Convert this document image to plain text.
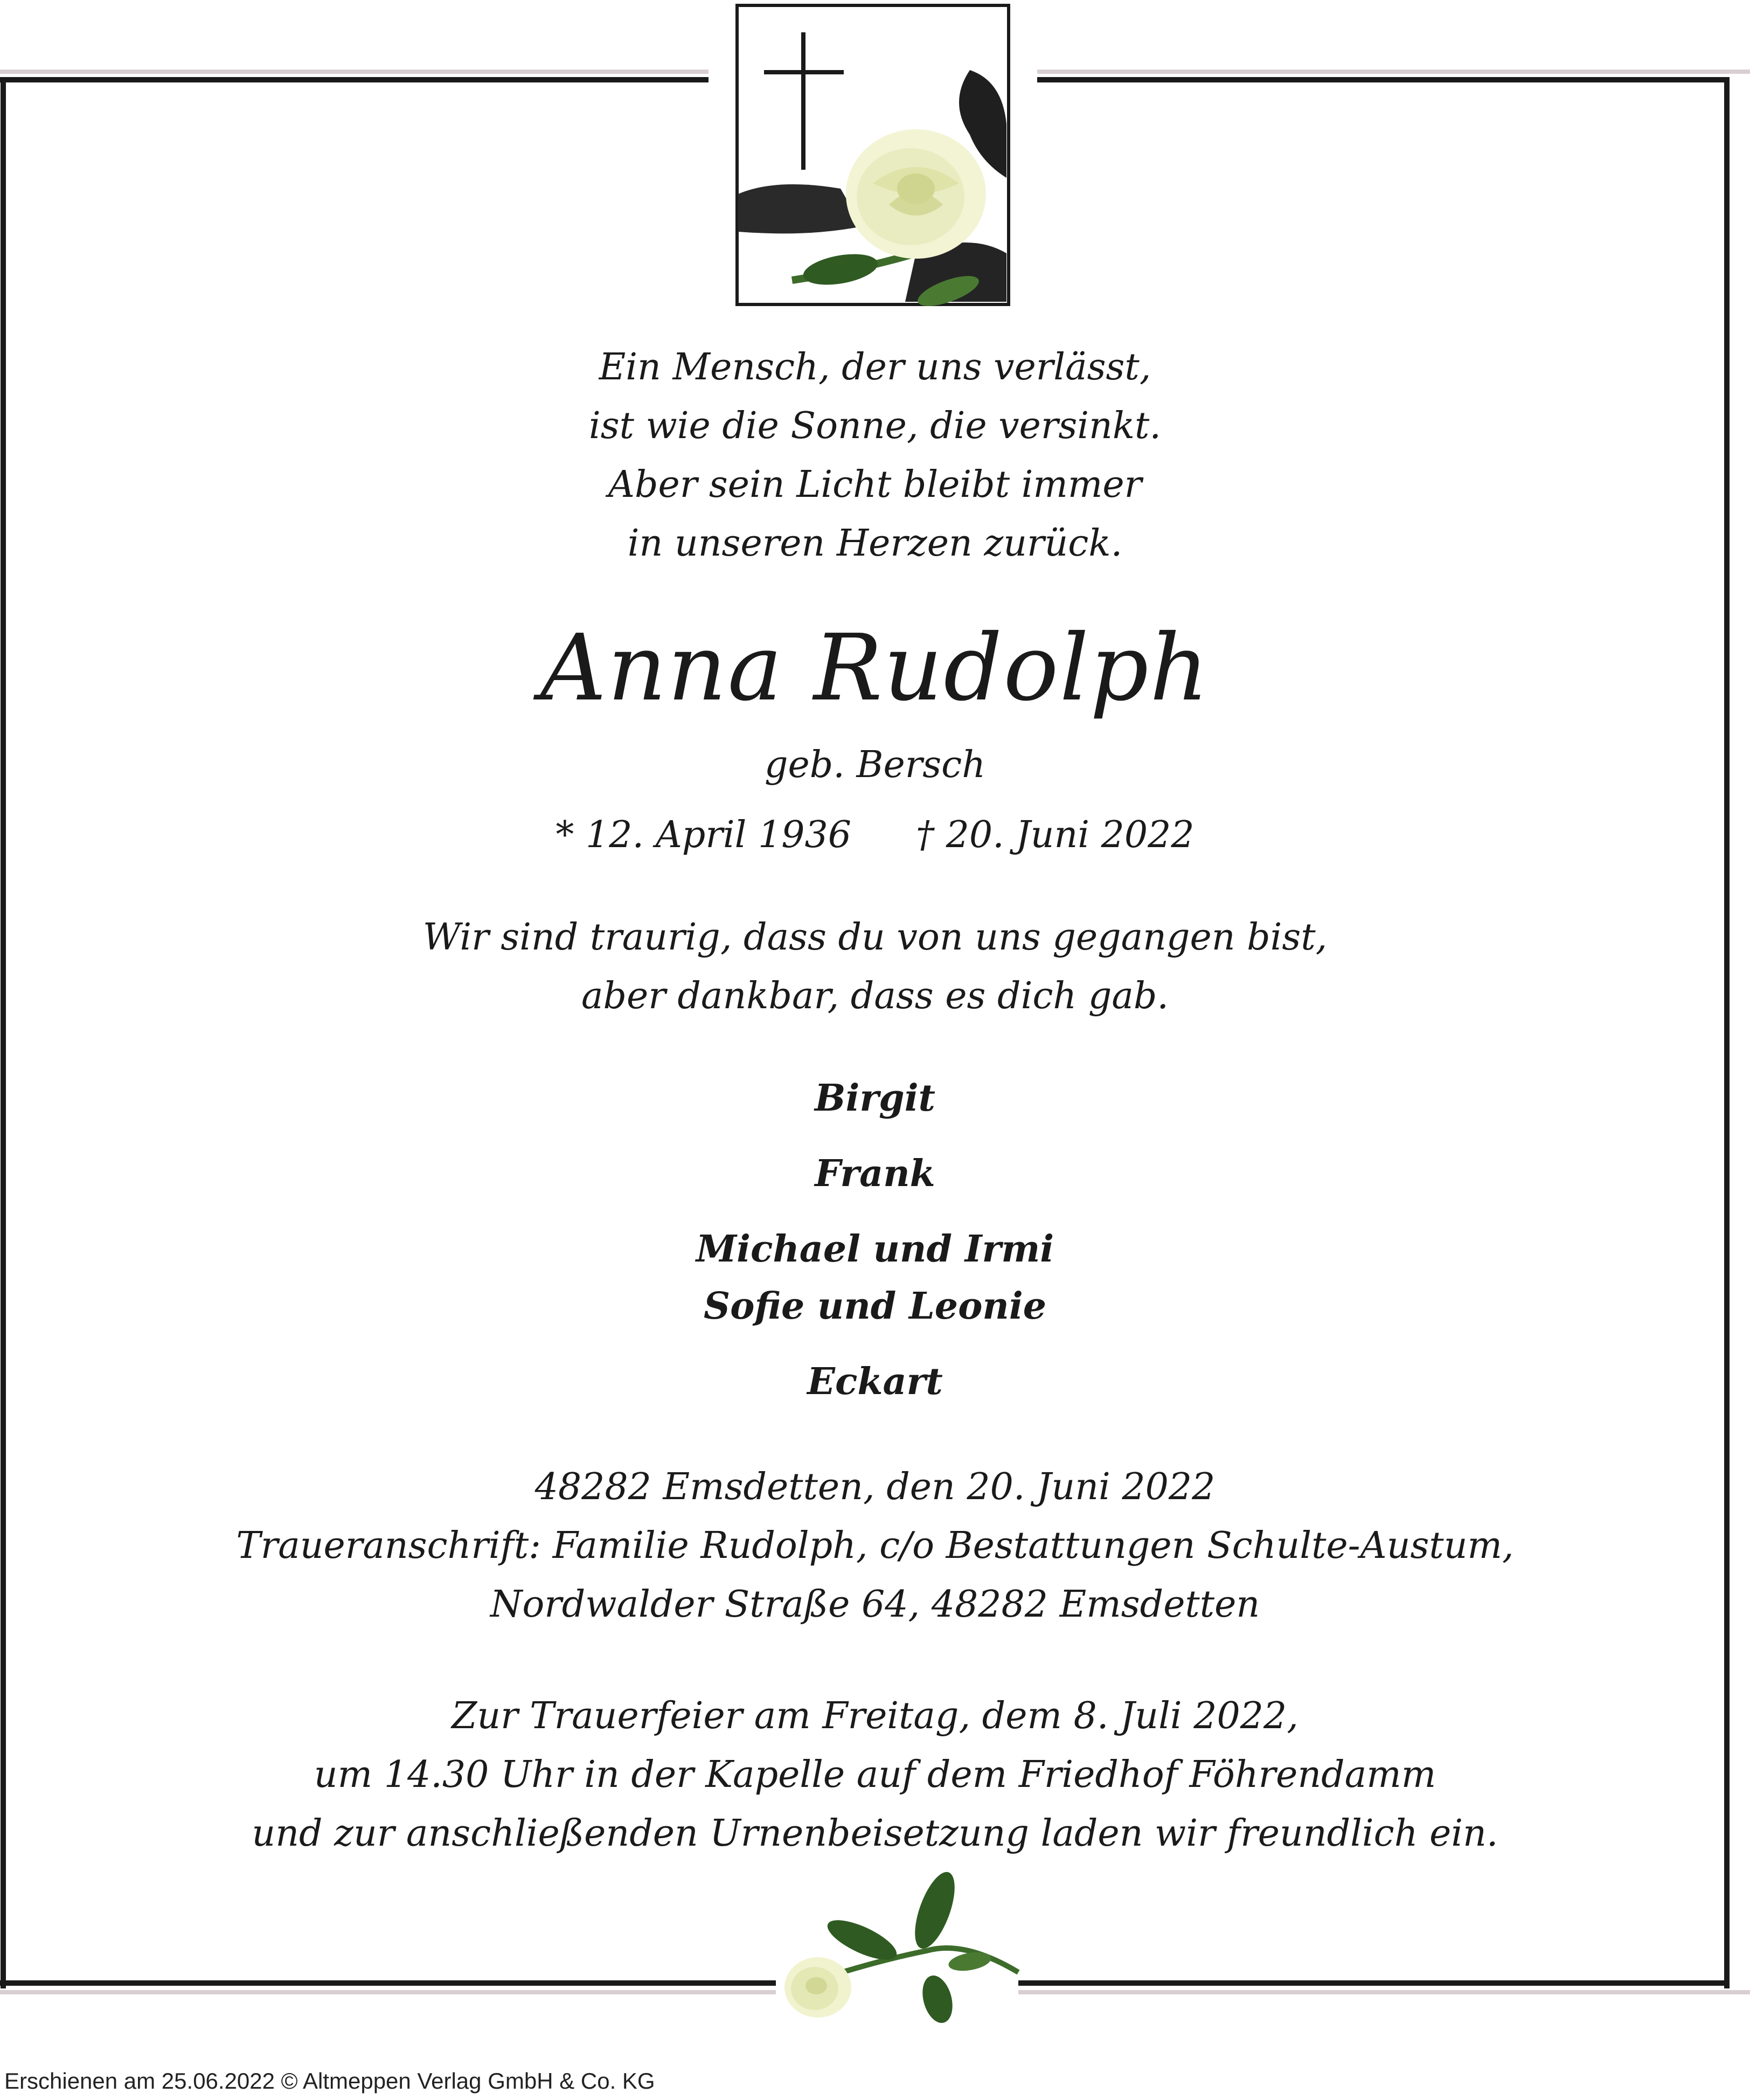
Ein Mensch, der uns verlässt,
ist wie die Sonne, die versinkt.
Aber sein Licht bleibt immer
in unseren Herzen zurück.
Anna Rudolph
geb. Bersch
* 12. April 1936 † 20. Juni 2022
Wir sind traurig, dass du von uns gegangen bist,
aber dankbar, dass es dich gab.
Birgit
Frank
Michael und Irmi
Sofie und Leonie
Eckart
48282 Emsdetten, den 20. Juni 2022
Traueranschrift: Familie Rudolph, c/o Bestattungen Schulte-Austum,
Nordwalder Straße 64, 48282 Emsdetten
Zur Trauerfeier am Freitag, dem 8. Juli 2022,
um 14.30 Uhr in der Kapelle auf dem Friedhof Föhrendamm
und zur anschließenden Urnenbeisetzung laden wir freundlich ein.
Erschienen am 25.06.2022 © Altmeppen Verlag GmbH & Co. KG
